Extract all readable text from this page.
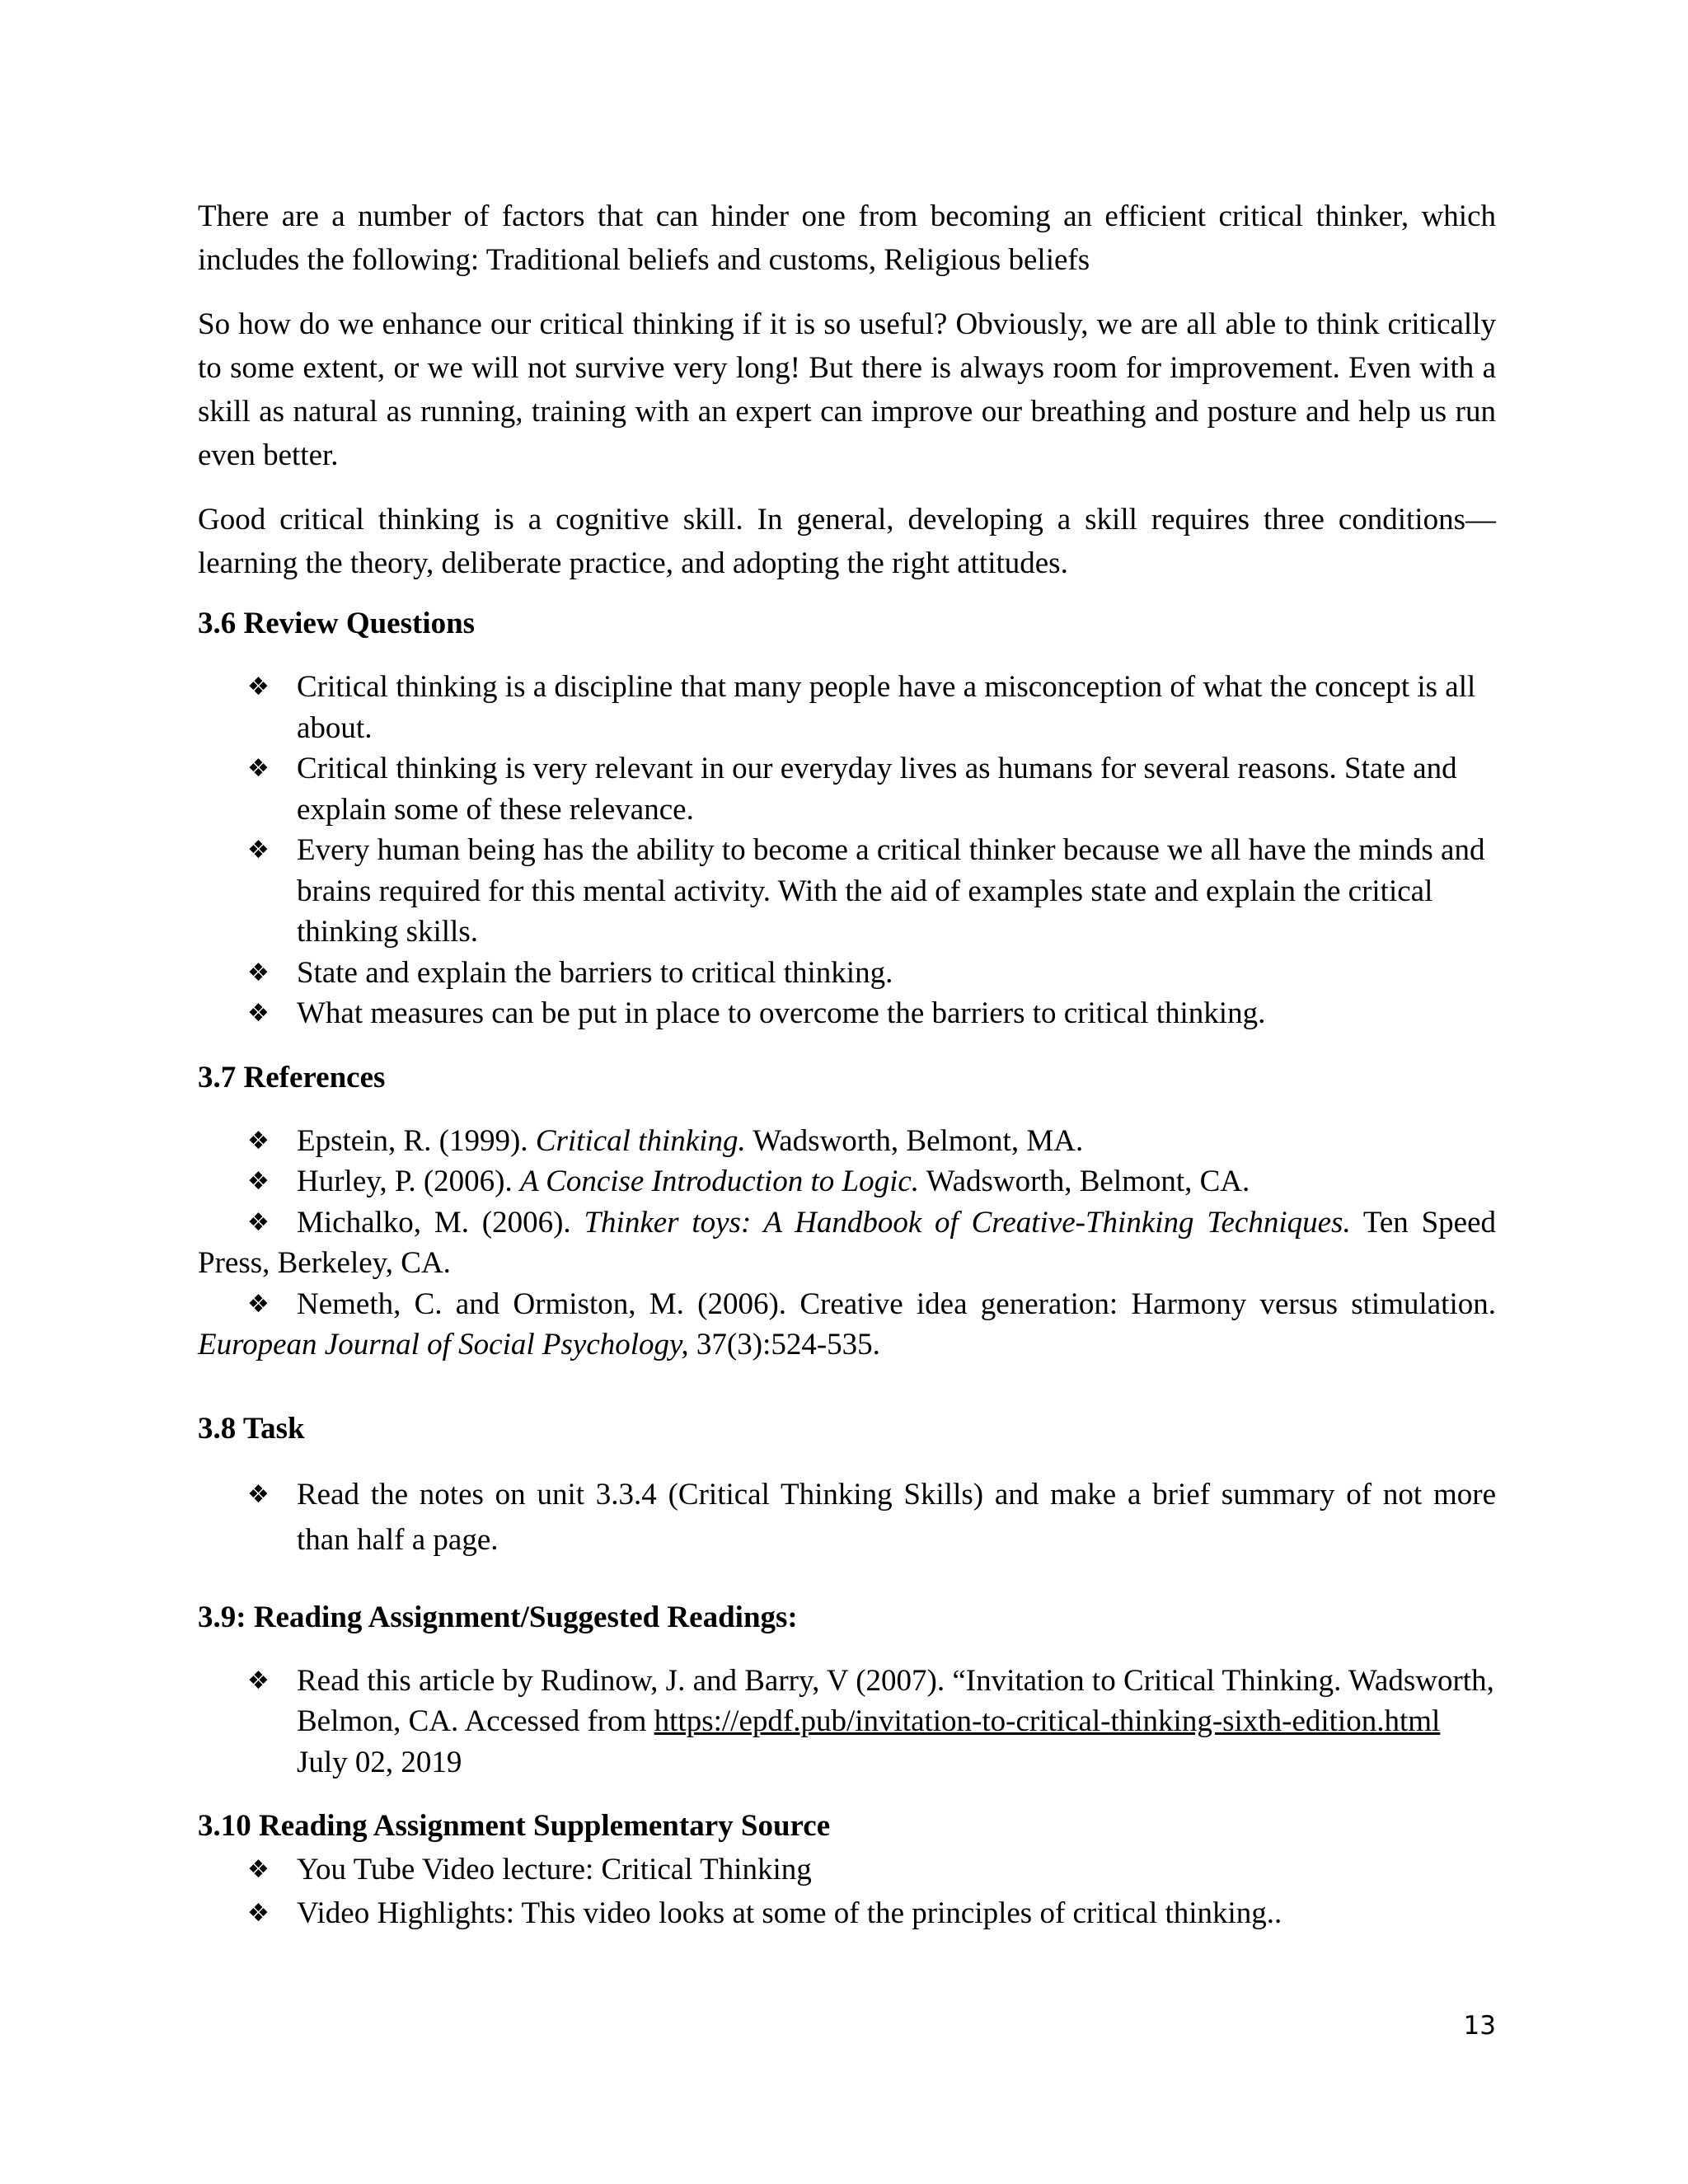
There are a number of factors that can hinder one from becoming an efficient critical thinker, which includes the following: Traditional beliefs and customs, Religious beliefs

So how do we enhance our critical thinking if it is so useful? Obviously, we are all able to think critically to some extent, or we will not survive very long! But there is always room for improvement. Even with a skill as natural as running, training with an expert can improve our breathing and posture and help us run even better.

Good critical thinking is a cognitive skill. In general, developing a skill requires three conditions—learning the theory, deliberate practice, and adopting the right attitudes.

3.6 Review Questions
❖ Critical thinking is a discipline that many people have a misconception of what the concept is all about.
❖ Critical thinking is very relevant in our everyday lives as humans for several reasons. State and explain some of these relevance.
❖ Every human being has the ability to become a critical thinker because we all have the minds and brains required for this mental activity. With the aid of examples state and explain the critical thinking skills.
❖ State and explain the barriers to critical thinking.
❖ What measures can be put in place to overcome the barriers to critical thinking.
3.7 References
❖ Epstein, R. (1999). Critical thinking. Wadsworth, Belmont, MA.
❖ Hurley, P. (2006). A Concise Introduction to Logic. Wadsworth, Belmont, CA.
❖ Michalko, M. (2006). Thinker toys: A Handbook of Creative-Thinking Techniques. Ten Speed Press, Berkeley, CA.
❖ Nemeth, C. and Ormiston, M. (2006). Creative idea generation: Harmony versus stimulation. European Journal of Social Psychology, 37(3):524-535.
3.8 Task
❖ Read the notes on unit 3.3.4 (Critical Thinking Skills) and make a brief summary of not more than half a page.
3.9: Reading Assignment/Suggested Readings:
❖ Read this article by Rudinow, J. and Barry, V (2007). “Invitation to Critical Thinking. Wadsworth, Belmon, CA. Accessed from https://epdf.pub/invitation-to-critical-thinking-sixth-edition.html July 02, 2019
3.10 Reading Assignment Supplementary Source
❖ You Tube Video lecture: Critical Thinking
❖ Video Highlights: This video looks at some of the principles of critical thinking..
13
